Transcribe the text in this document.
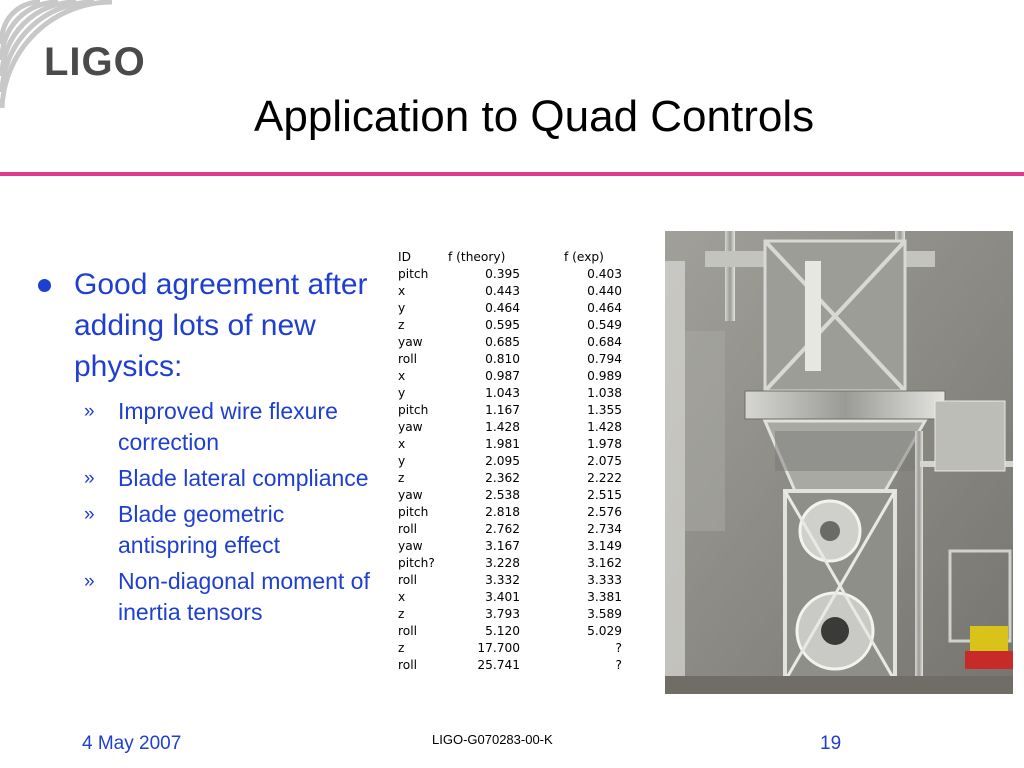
LIGO
Application to Quad Controls
Good agreement after adding lots of new physics:
» Improved wire flexure correction
» Blade lateral compliance
» Blade geometric antispring effect
» Non-diagonal moment of inertia tensors
ID	f (theory)	f (exp)
pitch	0.395	0.403
x	0.443	0.440
y	0.464	0.464
z	0.595	0.549
yaw	0.685	0.684
roll	0.810	0.794
x	0.987	0.989
y	1.043	1.038
pitch	1.167	1.355
yaw	1.428	1.428
x	1.981	1.978
y	2.095	2.075
z	2.362	2.222
yaw	2.538	2.515
pitch	2.818	2.576
roll	2.762	2.734
yaw	3.167	3.149
pitch?	3.228	3.162
roll	3.332	3.333
x	3.401	3.381
z	3.793	3.589
roll	5.120	5.029
z	17.700	?
roll	25.741	?
4 May 2007	LIGO-G070283-00-K	19
